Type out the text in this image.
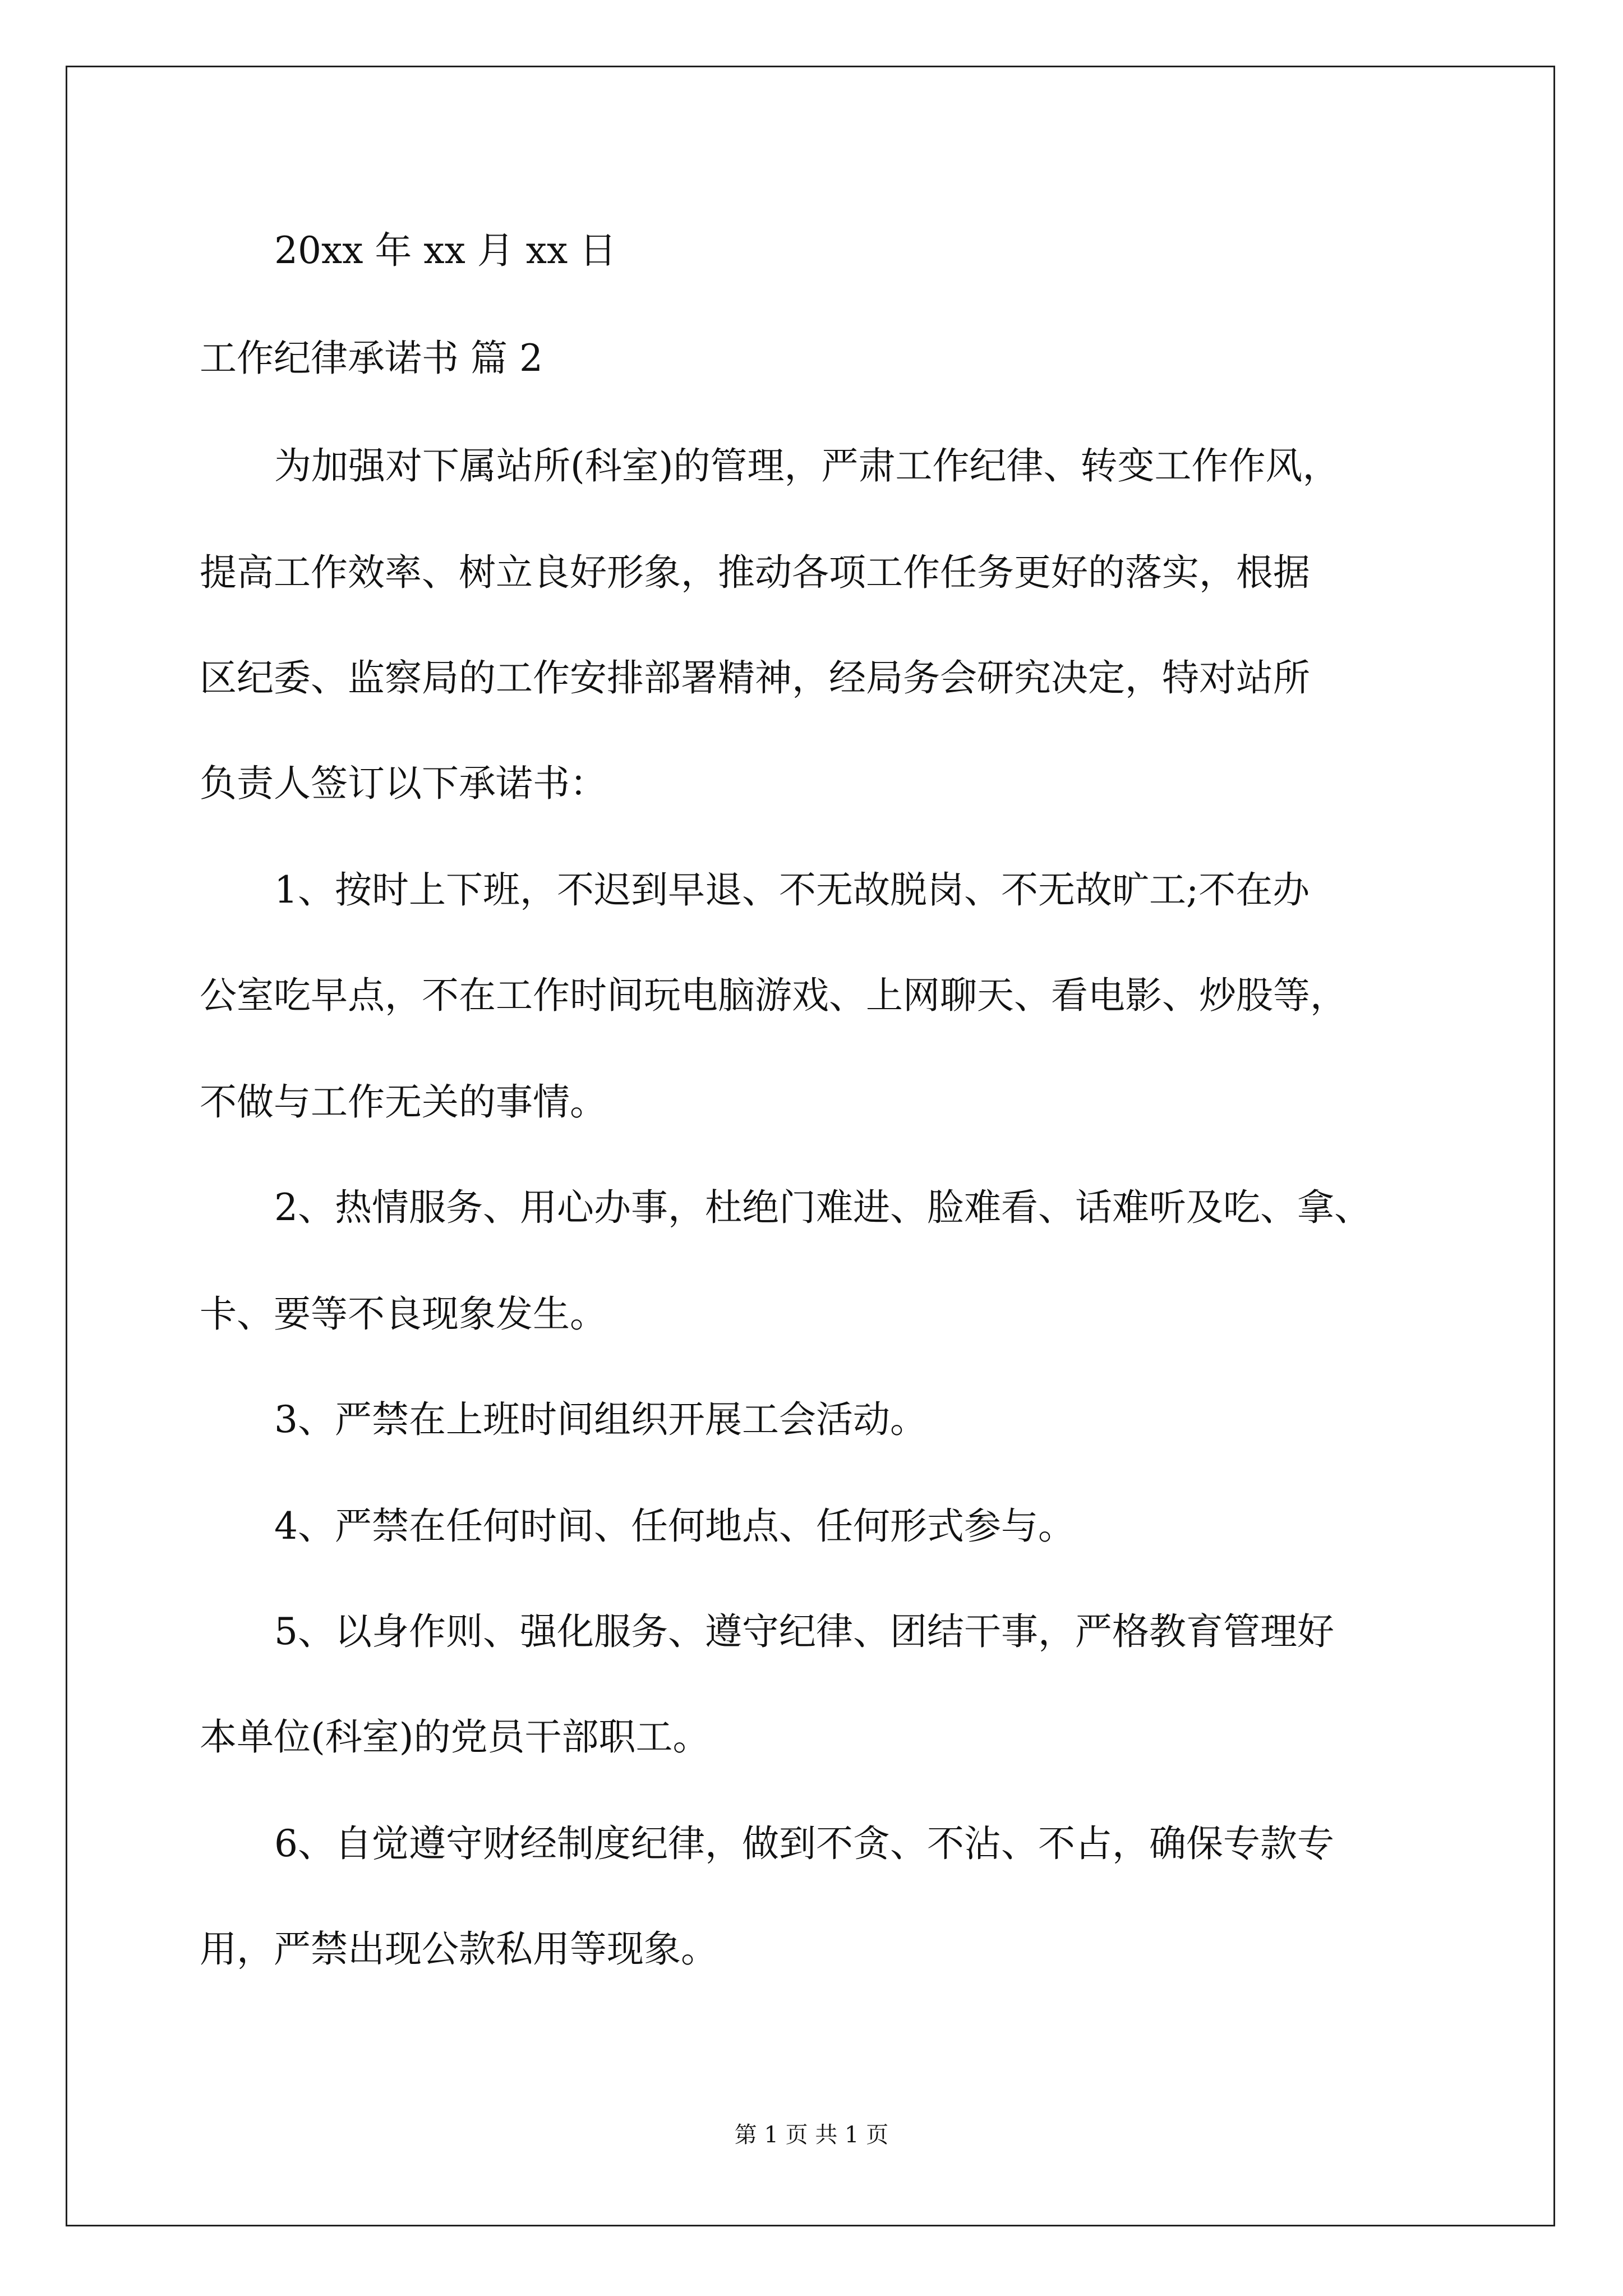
20xx 年 xx 月 xx 日
工作纪律承诺书 篇 2
为加强对下属站所(科室)的管理，严肃工作纪律、转变工作作风，
提高工作效率、树立良好形象，推动各项工作任务更好的落实，根据
区纪委、监察局的工作安排部署精神，经局务会研究决定，特对站所
负责人签订以下承诺书：
1、按时上下班，不迟到早退、不无故脱岗、不无故旷工;不在办
公室吃早点，不在工作时间玩电脑游戏、上网聊天、看电影、炒股等，
不做与工作无关的事情。
2、热情服务、用心办事，杜绝门难进、脸难看、话难听及吃、拿、
卡、要等不良现象发生。
3、严禁在上班时间组织开展工会活动。
4、严禁在任何时间、任何地点、任何形式参与。
5、以身作则、强化服务、遵守纪律、团结干事，严格教育管理好
本单位(科室)的党员干部职工。
6、自觉遵守财经制度纪律，做到不贪、不沾、不占，确保专款专
用，严禁出现公款私用等现象。
第 1 页 共 1 页
